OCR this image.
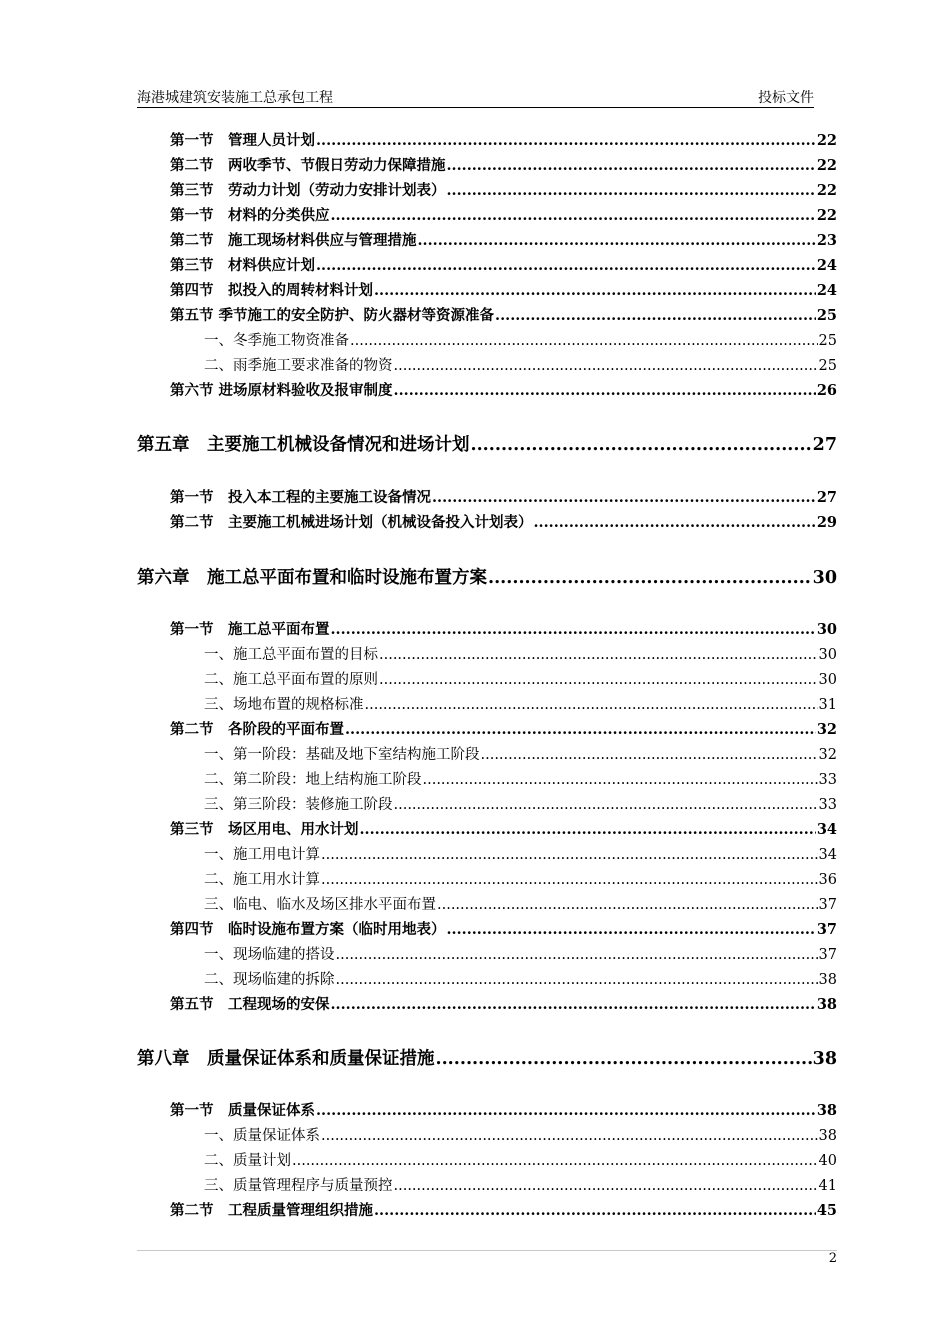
海港城建筑安装施工总承包工程	投标文件
第一节　管理人员计划 .....	22
第二节　两收季节、节假日劳动力保障措施 .....	22
第三节　劳动力计划（劳动力安排计划表） .....	22
第一节　材料的分类供应 .....	22
第二节　施工现场材料供应与管理措施 .....	23
第三节　材料供应计划 .....	24
第四节　拟投入的周转材料计划 .....	24
第五节 季节施工的安全防护、防火器材等资源准备 .....	25
一、冬季施工物资准备 .....	25
二、雨季施工要求准备的物资 .....	25
第六节 进场原材料验收及报审制度 .....	26
第五章　主要施工机械设备情况和进场计划 .....	27
第一节　投入本工程的主要施工设备情况 .....	27
第二节　主要施工机械进场计划（机械设备投入计划表） .....	29
第六章　施工总平面布置和临时设施布置方案 .....	30
第一节　施工总平面布置 .....	30
一、施工总平面布置的目标 .....	30
二、施工总平面布置的原则 .....	30
三、场地布置的规格标准 .....	31
第二节　各阶段的平面布置 .....	32
一、第一阶段：基础及地下室结构施工阶段 .....	32
二、第二阶段：地上结构施工阶段 .....	33
三、第三阶段：装修施工阶段 .....	33
第三节　场区用电、用水计划 .....	34
一、施工用电计算 .....	34
二、施工用水计算 .....	36
三、临电、临水及场区排水平面布置 .....	37
第四节　临时设施布置方案（临时用地表） .....	37
一、现场临建的搭设 .....	37
二、现场临建的拆除 .....	38
第五节　工程现场的安保 .....	38
第八章　质量保证体系和质量保证措施 .....	38
第一节　质量保证体系 .....	38
一、质量保证体系 .....	38
二、质量计划 .....	40
三、质量管理程序与质量预控 .....	41
第二节　工程质量管理组织措施 .....	45
2
